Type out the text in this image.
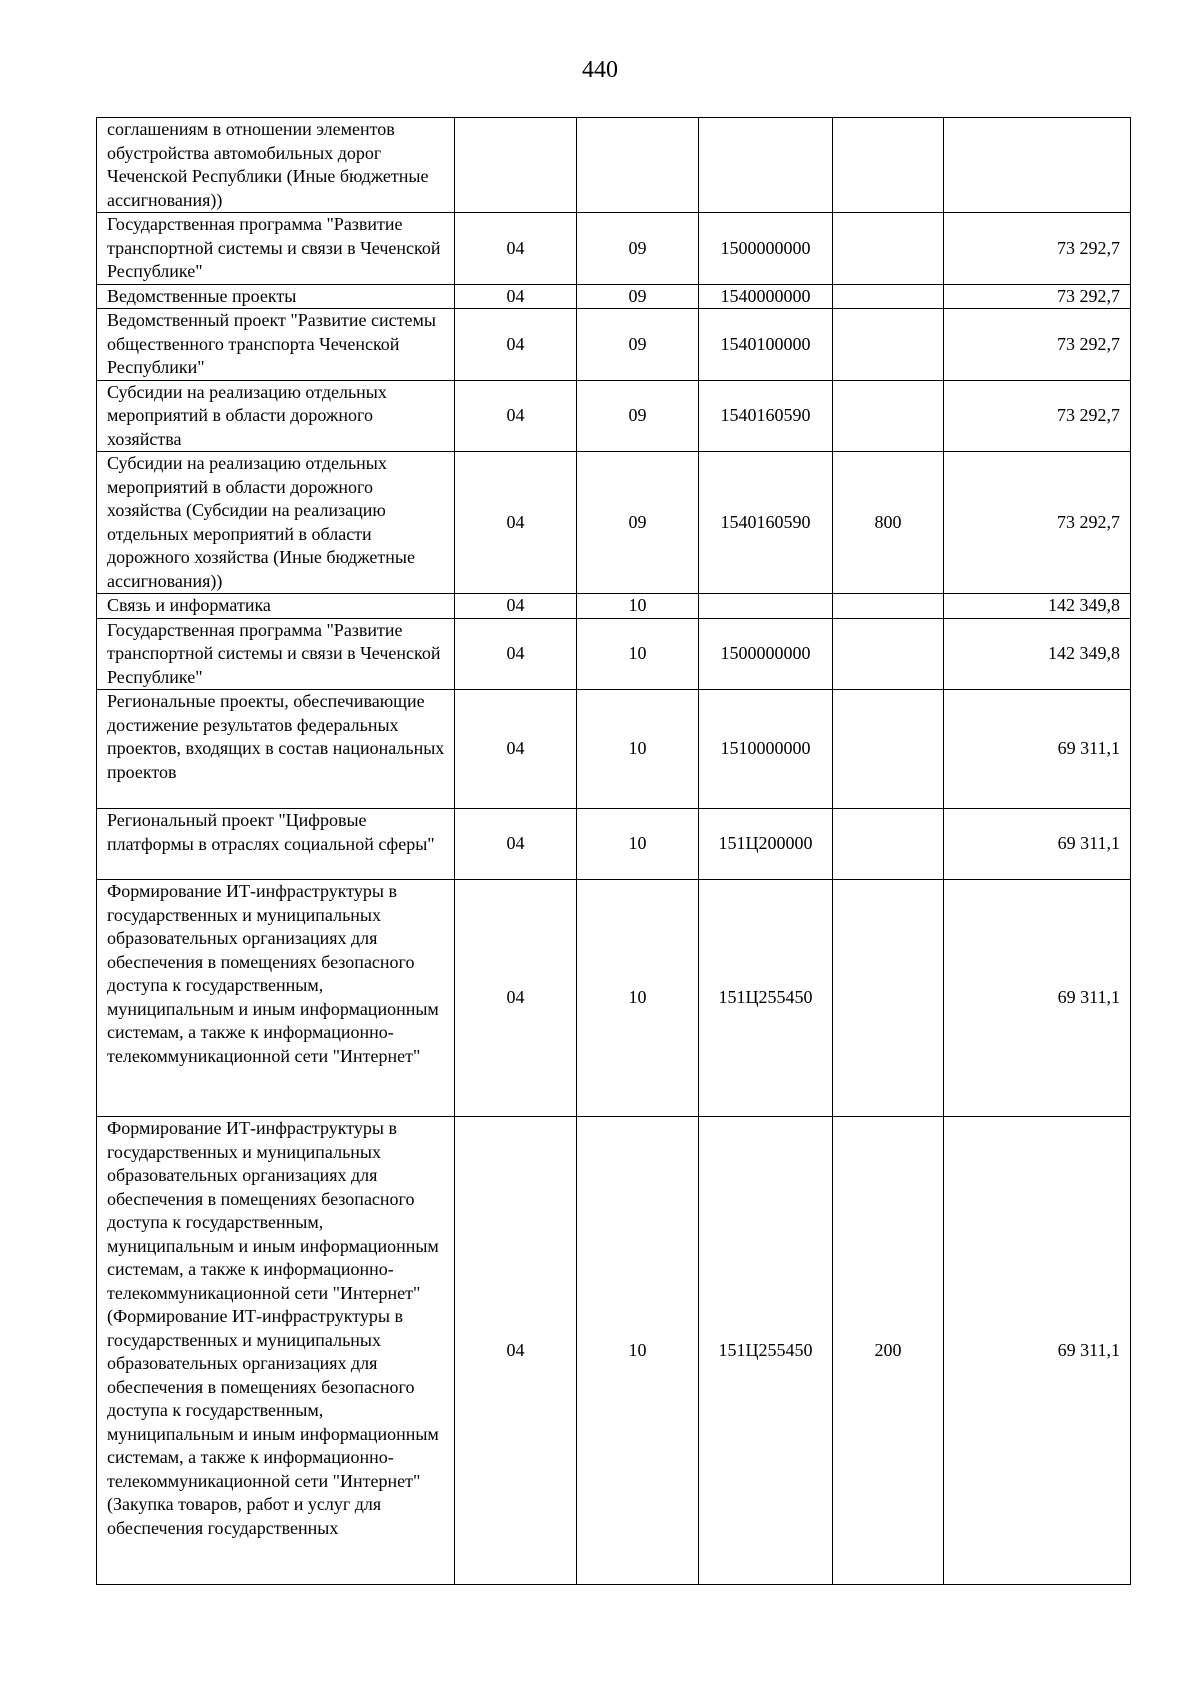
440
соглашениям в отношении элементов обустройства автомобильных дорог Чеченской Республики (Иные бюджетные ассигнования))					
Государственная программа "Развитие транспортной системы и связи в Чеченской Республике"	04	09	1500000000		73 292,7
Ведомственные проекты	04	09	1540000000		73 292,7
Ведомственный проект "Развитие системы общественного транспорта Чеченской Республики"	04	09	1540100000		73 292,7
Субсидии на реализацию отдельных мероприятий в области дорожного хозяйства	04	09	1540160590		73 292,7
Субсидии на реализацию отдельных мероприятий в области дорожного хозяйства (Субсидии на реализацию отдельных мероприятий в области дорожного хозяйства (Иные бюджетные ассигнования))	04	09	1540160590	800	73 292,7
Связь и информатика	04	10			142 349,8
Государственная программа "Развитие транспортной системы и связи в Чеченской Республике"	04	10	1500000000		142 349,8
Региональные проекты, обеспечивающие достижение результатов федеральных проектов, входящих в состав национальных проектов	04	10	1510000000		69 311,1
Региональный проект "Цифровые платформы в отраслях социальной сферы"	04	10	151Ц200000		69 311,1
Формирование ИТ-инфраструктуры в государственных и муниципальных образовательных организациях для обеспечения в помещениях безопасного доступа к государственным, муниципальным и иным информационным системам, а также к информационно-телекоммуникационной сети "Интернет"	04	10	151Ц255450		69 311,1
Формирование ИТ-инфраструктуры в государственных и муниципальных образовательных организациях для обеспечения в помещениях безопасного доступа к государственным, муниципальным и иным информационным системам, а также к информационно-телекоммуникационной сети "Интернет" (Формирование ИТ-инфраструктуры в государственных и муниципальных образовательных организациях для обеспечения в помещениях безопасного доступа к государственным, муниципальным и иным информационным системам, а также к информационно-телекоммуникационной сети "Интернет" (Закупка товаров, работ и услуг для обеспечения государственных	04	10	151Ц255450	200	69 311,1
